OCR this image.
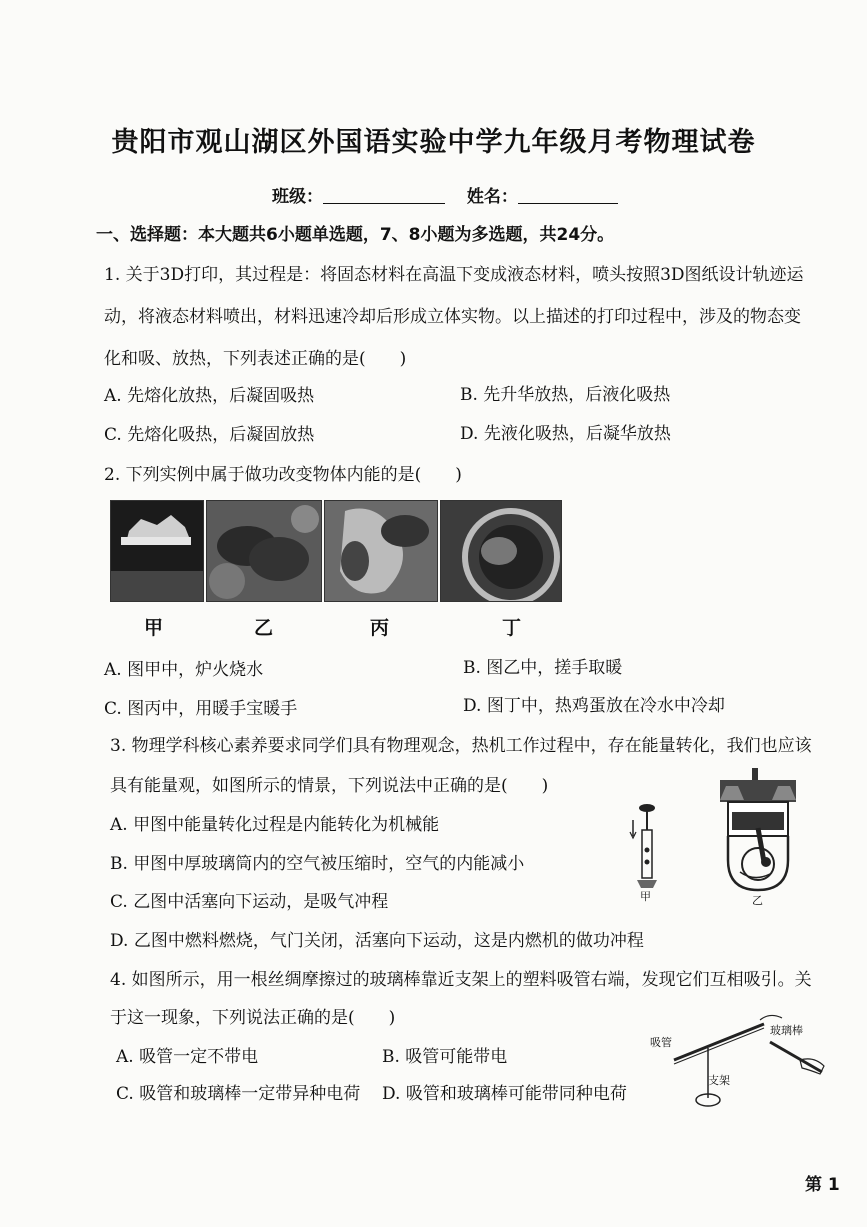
贵阳市观山湖区外国语实验中学九年级月考物理试卷
班级：	姓名：
一、选择题：本大题共6小题单选题，7、8小题为多选题，共24分。
1. 关于3D打印，其过程是：将固态材料在高温下变成液态材料，喷头按照3D图纸设计轨迹运
动，将液态材料喷出，材料迅速冷却后形成立体实物。以上描述的打印过程中，涉及的物态变
化和吸、放热，下列表述正确的是(　　)
A. 先熔化放热，后凝固吸热	B. 先升华放热，后液化吸热
C. 先熔化吸热，后凝固放热	D. 先液化吸热，后凝华放热
2. 下列实例中属于做功改变物体内能的是(　　)
甲	乙	丙	丁
A. 图甲中，炉火烧水	B. 图乙中，搓手取暖
C. 图丙中，用暖手宝暖手	D. 图丁中，热鸡蛋放在冷水中冷却
3. 物理学科核心素养要求同学们具有物理观念，热机工作过程中，存在能量转化，我们也应该
具有能量观，如图所示的情景，下列说法中正确的是(　　)
A. 甲图中能量转化过程是内能转化为机械能
B. 甲图中厚玻璃筒内的空气被压缩时，空气的内能减小
C. 乙图中活塞向下运动，是吸气冲程
D. 乙图中燃料燃烧，气门关闭，活塞向下运动，这是内燃机的做功冲程
甲	乙
4. 如图所示，用一根丝绸摩擦过的玻璃棒靠近支架上的塑料吸管右端，发现它们互相吸引。关
于这一现象，下列说法正确的是(　　)
A. 吸管一定不带电	B. 吸管可能带电
C. 吸管和玻璃棒一定带异种电荷 D. 吸管和玻璃棒可能带同种电荷
吸管
玻璃棒
支架
第 1
